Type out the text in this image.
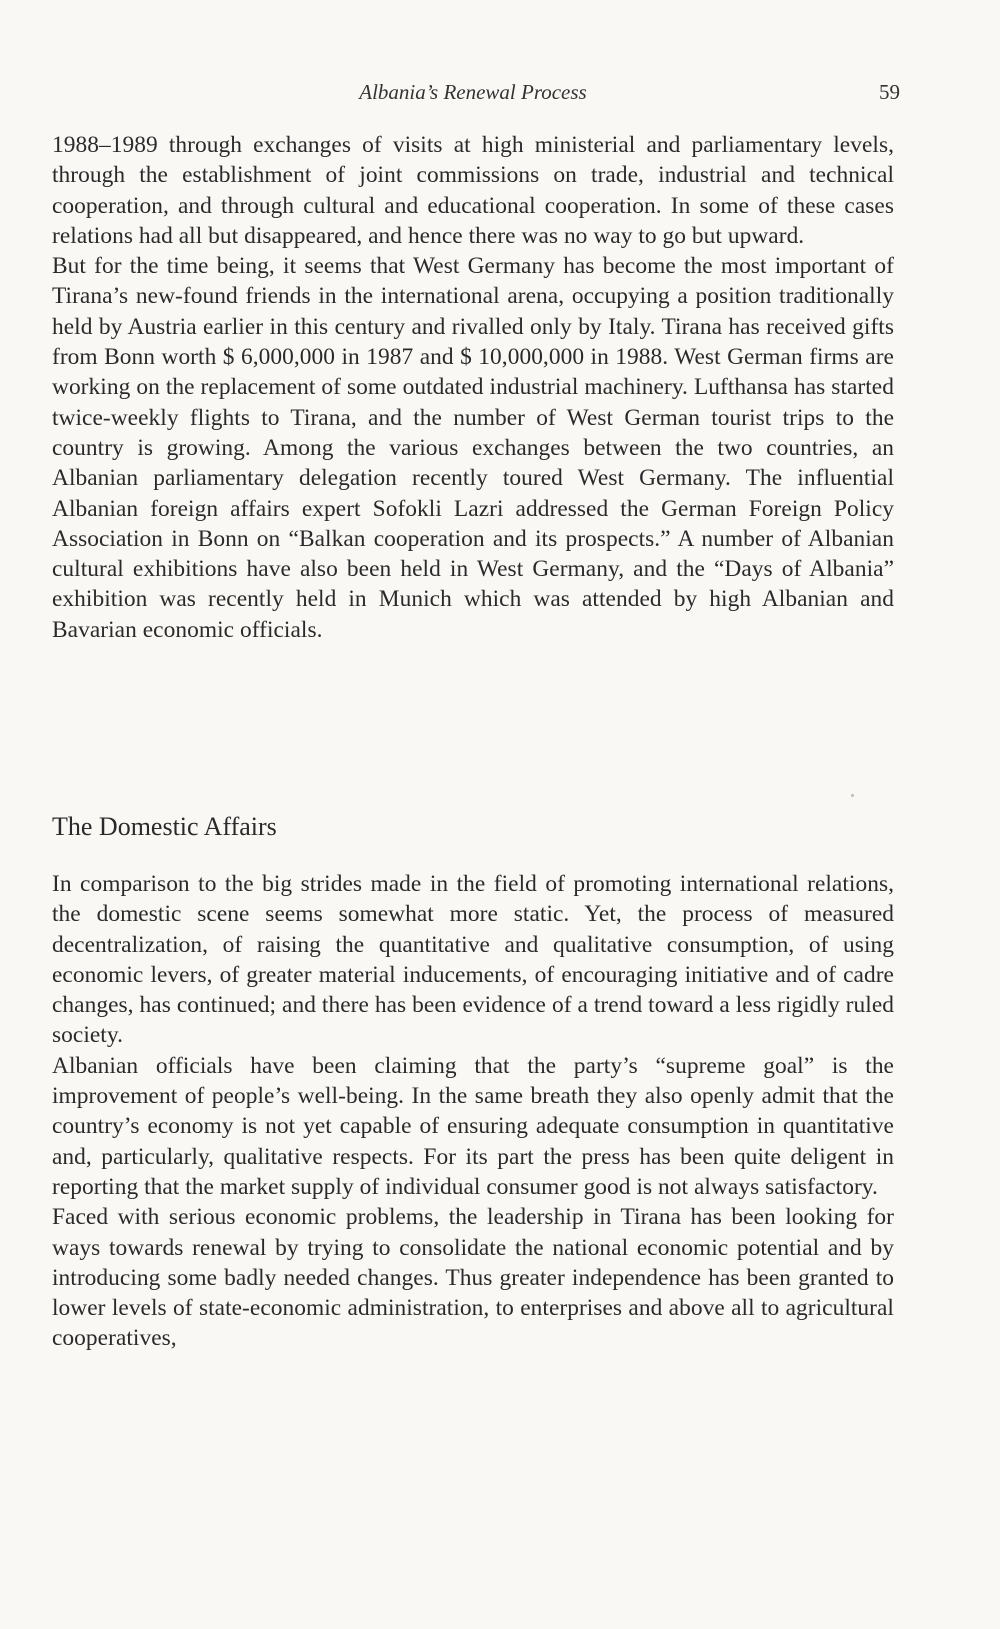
Albania’s Renewal Process	59

1988–1989 through exchanges of visits at high ministerial and parliamentary levels, through the establishment of joint commissions on trade, industrial and technical cooperation, and through cultural and educational cooperation. In some of these cases relations had all but disappeared, and hence there was no way to go but upward.

But for the time being, it seems that West Germany has become the most important of Tirana’s new-found friends in the international arena, occupying a position traditionally held by Austria earlier in this century and rivalled only by Italy. Tirana has received gifts from Bonn worth $ 6,000,000 in 1987 and $ 10,000,000 in 1988. West German firms are working on the replacement of some outdated industrial machinery. Lufthansa has started twice-weekly flights to Tirana, and the number of West German tourist trips to the country is growing. Among the various exchanges between the two countries, an Albanian parliamentary delegation recently toured West Germany. The influential Albanian foreign affairs expert Sofokli Lazri addressed the German Foreign Policy Association in Bonn on “Balkan cooperation and its prospects.” A number of Albanian cultural exhibitions have also been held in West Germany, and the “Days of Albania” exhibition was recently held in Munich which was attended by high Albanian and Bavarian economic officials.

The Domestic Affairs

In comparison to the big strides made in the field of promoting international relations, the domestic scene seems somewhat more static. Yet, the process of measured decentralization, of raising the quantitative and qualitative consumption, of using economic levers, of greater material inducements, of encouraging initiative and of cadre changes, has continued; and there has been evidence of a trend toward a less rigidly ruled society.

Albanian officials have been claiming that the party’s “supreme goal” is the improvement of people’s well-being. In the same breath they also openly admit that the country’s economy is not yet capable of ensuring adequate consumption in quantitative and, particularly, qualitative respects. For its part the press has been quite deligent in reporting that the market supply of individual consumer good is not always satisfactory.

Faced with serious economic problems, the leadership in Tirana has been looking for ways towards renewal by trying to consolidate the national economic potential and by introducing some badly needed changes. Thus greater independence has been granted to lower levels of state-economic administration, to enterprises and above all to agricultural cooperatives,
